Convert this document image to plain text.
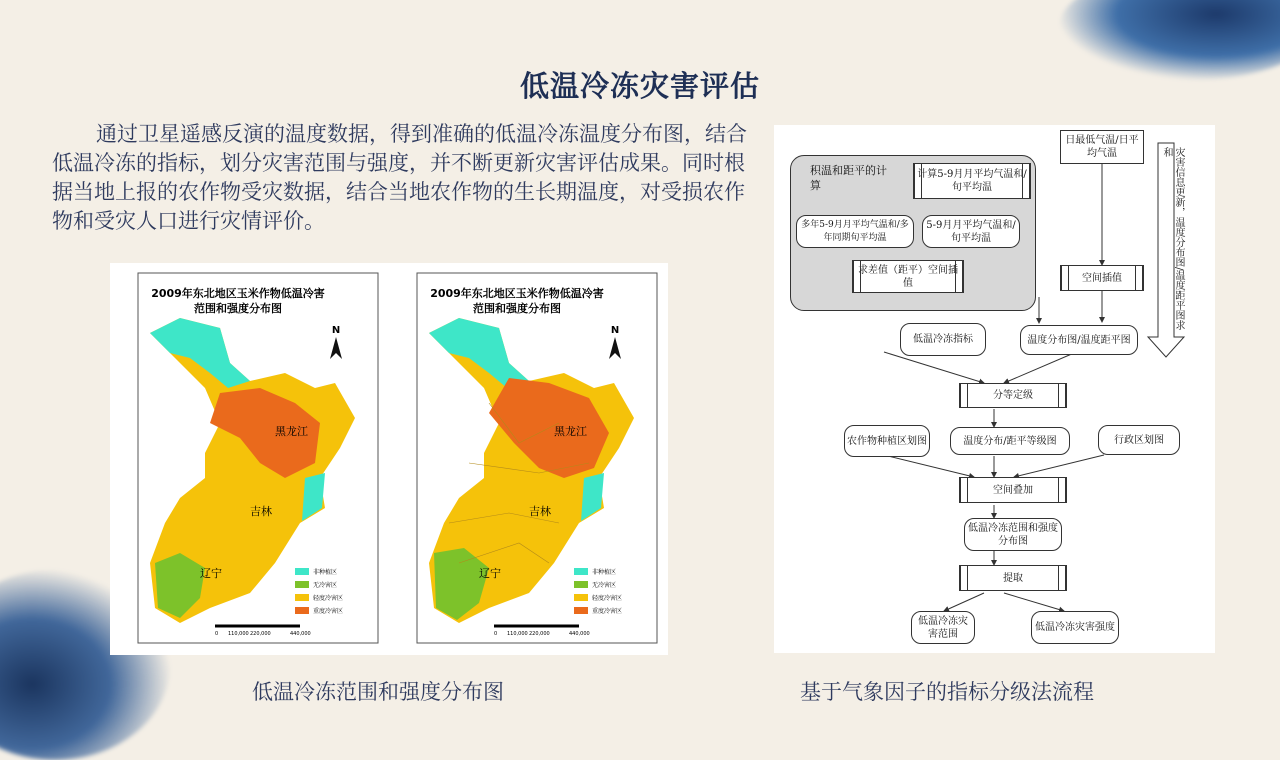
低温冷冻灾害评估
通过卫星遥感反演的温度数据，得到准确的低温冷冻温度分布图，结合低温冷冻的指标，划分灾害范围与强度，并不断更新灾害评估成果。同时根据当地上报的农作物受灾数据，结合当地农作物的生长期温度，对受损农作物和受灾人口进行灾情评价。
2009年东北地区玉米作物低温冷害
范围和强度分布图
N
黑龙江
吉林
辽宁	非种植区
无冷害区
轻度冷害区
重度冷害区
0 110,000 220,000	440,000
2009年东北地区玉米作物低温冷害
范围和强度分布图
N
黑龙江
吉林
辽宁	非种植区
无冷害区
轻度冷害区
重度冷害区
0 110,000 220,000	440,000
低温冷冻范围和强度分布图
积温和距平的计算
计算5-9月月平均气温和/旬平均温
多年5-9月月平均气温和/多年同期旬平均温
5-9月月平均气温和/旬平均温
求差值（距平）空间插值
日最低气温/日平均气温
空间插值
低温冷冻指标	温度分布图/温度距平图
分等定级
农作物种植区划图	温度分布/距平等级图	行政区划图
空间叠加
低温冷冻范围和强度分布图
提取
低温冷冻灾害范围
低温冷冻灾害强度
灾害信息更新，温度分布图/温度距平图求和
基于气象因子的指标分级法流程
